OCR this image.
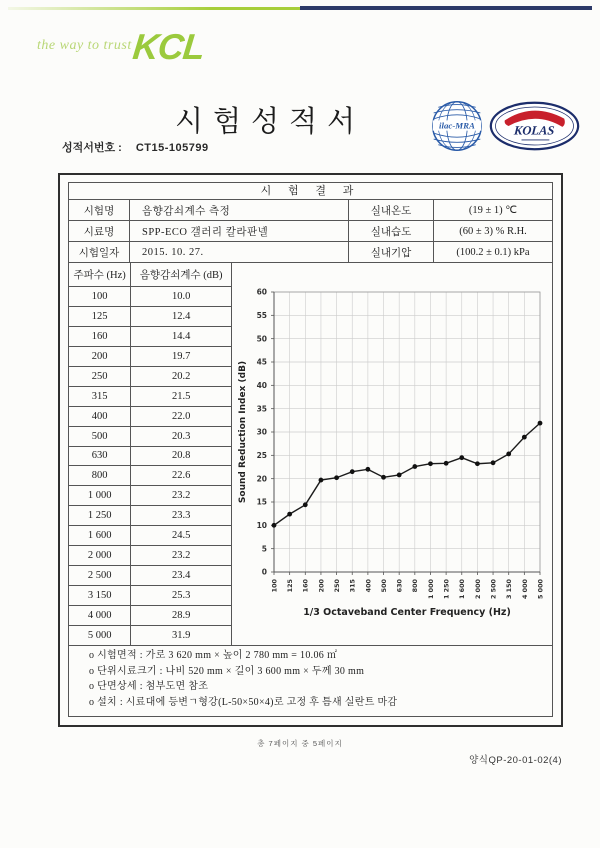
the way to trust KCL
시험성적서
성적서번호 : CT15-105799
ilac-MRA	KOLAS
시 험 결 과
시험명	음향감쇠계수 측정	실내온도	(19 ± 1) ℃
시료명	SPP-ECO 갤러리 칼라판넬	실내습도	(60 ± 3) % R.H.
시험일자	2015. 10. 27.	실내기압	(100.2 ± 0.1) kPa
주파수 (Hz)	음향감쇠계수 (dB)
100	10.0
125	12.4
160	14.4
200	19.7
250	20.2
315	21.5
400	22.0
500	20.3
630	20.8
800	22.6
1 000	23.2
1 250	23.3
1 600	24.5
2 000	23.2
2 500	23.4
3 150	25.3
4 000	28.9
5 000	31.9
0
5
10
15
20
25
30
35
40
45
50
55
60
100 125 160 200 250 315 400 500 630 800 1 000 1 250 1 600 2 000 2 500 3 150 4 000 5 000
Sound Reduction Index (dB)
1/3 Octaveband Center Frequency (Hz)
o 시험면적 : 가로 3 620 mm × 높이 2 780 mm = 10.06 ㎡
o 단위시료크기 : 나비 520 mm × 길이 3 600 mm × 두께 30 mm
o 단면상세 : 첨부도면 참조
o 설치 : 시료대에 등변ㄱ형강(L-50×50×4)로 고정 후 틈새 실란트 마감
총 7페이지 중 5페이지
양식QP-20-01-02(4)
